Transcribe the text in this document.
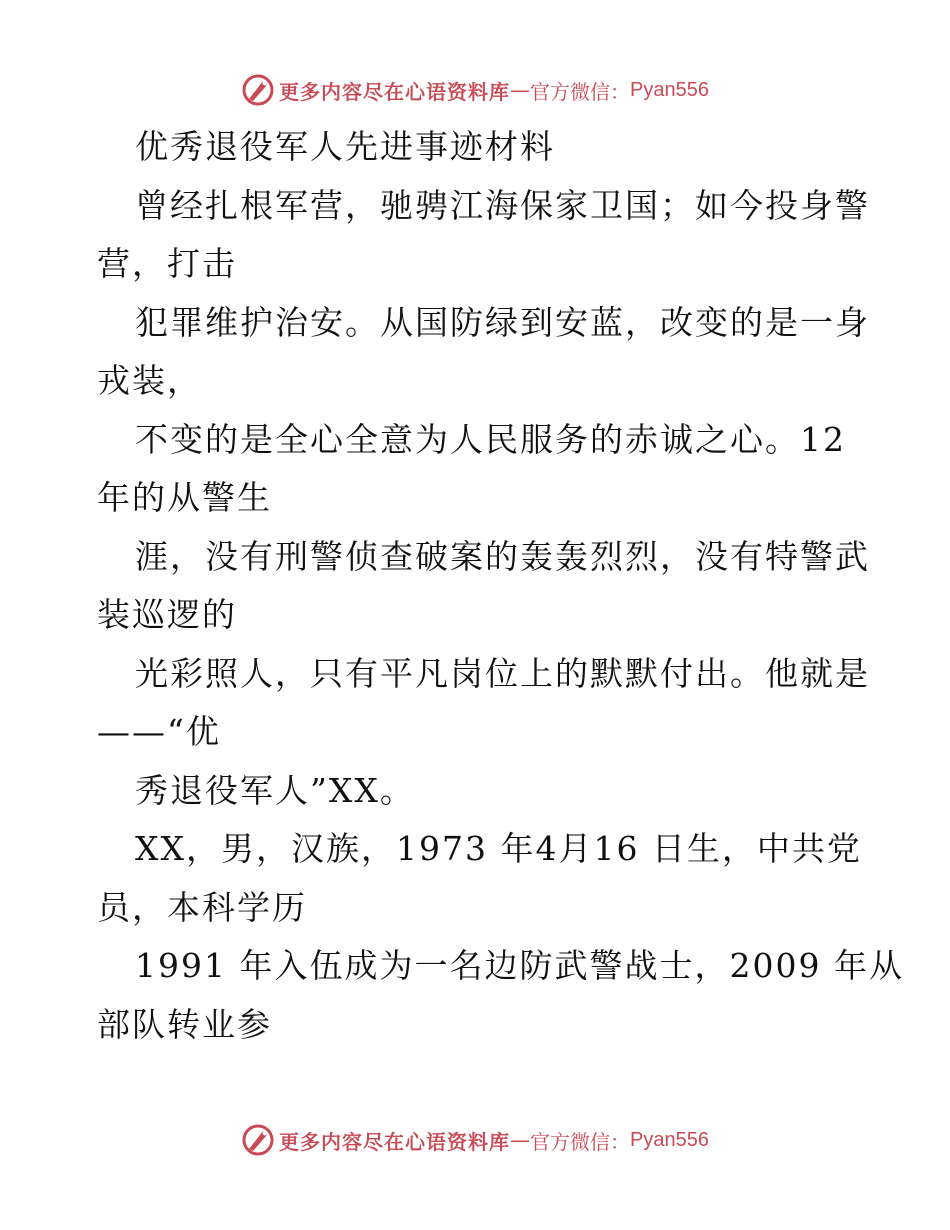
更多内容尽在心语资料库 — 官方微信： Pyan556
优秀退役军人先进事迹材料
曾经扎根军营，驰骋江海保家卫国；如今投身警
营，打击
犯罪维护治安。从国防绿到安蓝，改变的是一身
戎装，
不变的是全心全意为人民服务的赤诚之心。12
年的从警生
涯，没有刑警侦查破案的轰轰烈烈，没有特警武
装巡逻的
光彩照人，只有平凡岗位上的默默付出。他就是
——“优
秀退役军人”XX。
XX，男，汉族，1973 年4月16 日生，中共党
员，本科学历
1991 年入伍成为一名边防武警战士，2009 年从
部队转业参
更多内容尽在心语资料库 — 官方微信： Pyan556
